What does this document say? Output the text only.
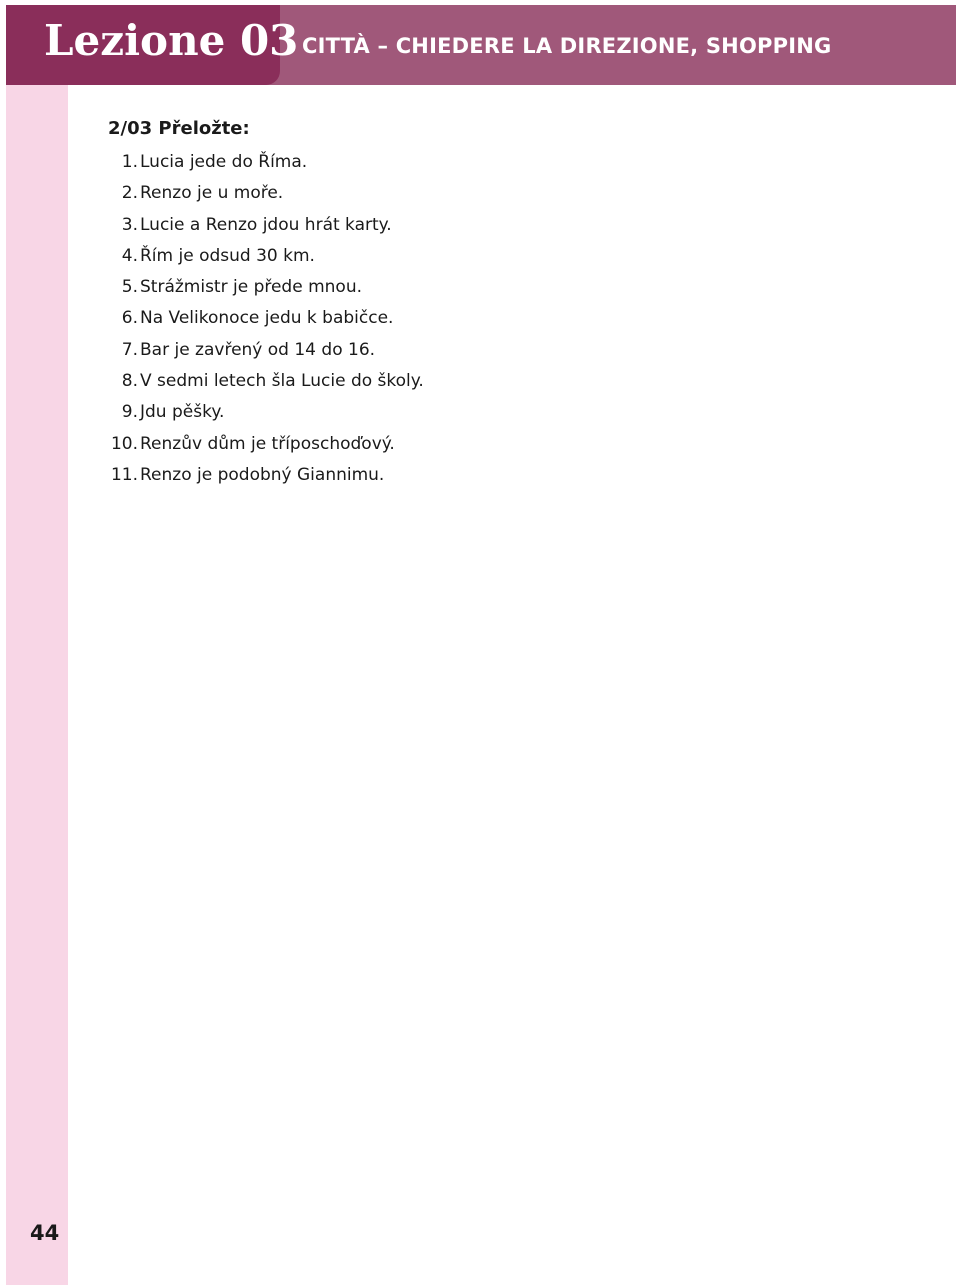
Lezione 03 CITTÀ – CHIEDERE LA DIREZIONE, SHOPPING
2/03 Přeložte:
1. Lucia jede do Říma.
2. Renzo je u moře.
3. Lucie a Renzo jdou hrát karty.
4. Řím je odsud 30 km.
5. Strážmistr je přede mnou.
6. Na Velikonoce jedu k babičce.
7. Bar je zavřený od 14 do 16.
8. V sedmi letech šla Lucie do školy.
9. Jdu pěšky.
10. Renzův dům je tříposchoďový.
11. Renzo je podobný Giannimu.
44
